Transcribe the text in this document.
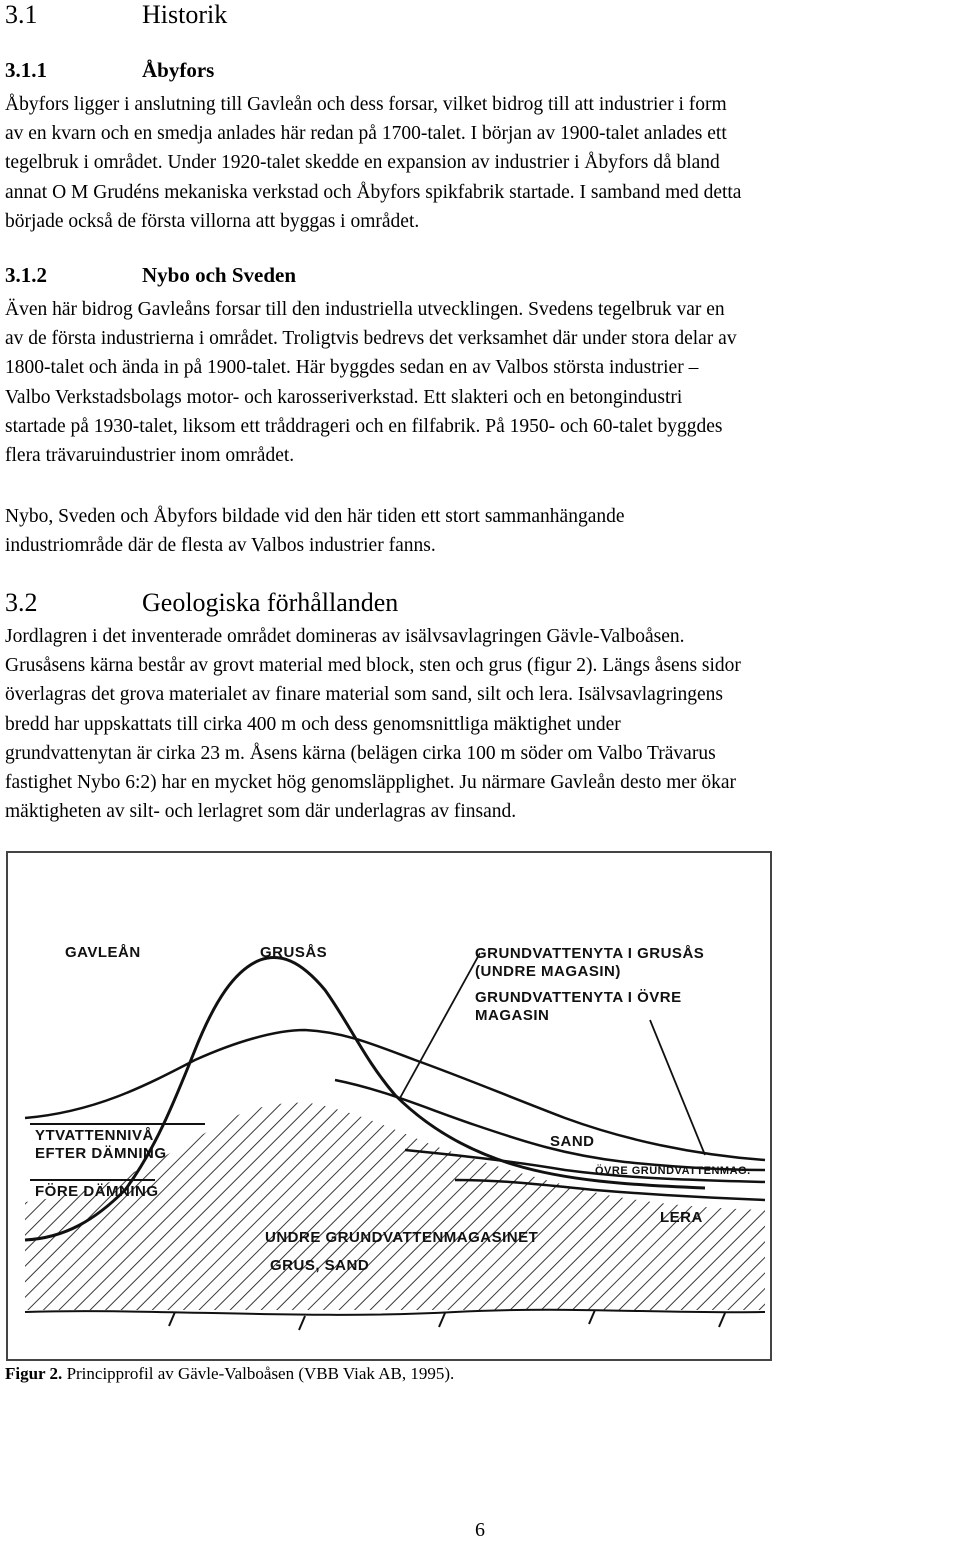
3.1	Historik
3.1.1	Åbyfors
Åbyfors ligger i anslutning till Gavleån och dess forsar, vilket bidrog till att industrier i form
av en kvarn och en smedja anlades här redan på 1700-talet. I början av 1900-talet anlades ett
tegelbruk i området. Under 1920-talet skedde en expansion av industrier i Åbyfors då bland
annat O M Grudéns mekaniska verkstad och Åbyfors spikfabrik startade. I samband med detta
började också de första villorna att byggas i området.
3.1.2	Nybo och Sveden
Även här bidrog Gavleåns forsar till den industriella utvecklingen. Svedens tegelbruk var en
av de första industrierna i området. Troligtvis bedrevs det verksamhet där under stora delar av
1800-talet och ända in på 1900-talet. Här byggdes sedan en av Valbos största industrier –
Valbo Verkstadsbolags motor- och karosseriverkstad. Ett slakteri och en betongindustri
startade på 1930-talet, liksom ett tråddrageri och en filfabrik. På 1950- och 60-talet byggdes
flera trävaruindustrier inom området.
Nybo, Sveden och Åbyfors bildade vid den här tiden ett stort sammanhängande
industriområde där de flesta av Valbos industrier fanns.
3.2	Geologiska förhållanden
Jordlagren i det inventerade området domineras av isälvsavlagringen Gävle-Valboåsen.
Grusåsens kärna består av grovt material med block, sten och grus (figur 2). Längs åsens sidor
överlagras det grova materialet av finare material som sand, silt och lera. Isälvsavlagringens
bredd har uppskattats till cirka 400 m och dess genomsnittliga mäktighet under
grundvattenytan är cirka 23 m. Åsens kärna (belägen cirka 100 m söder om Valbo Trävarus
fastighet Nybo 6:2) har en mycket hög genomsläpplighet. Ju närmare Gavleån desto mer ökar
mäktigheten av silt- och lerlagret som där underlagras av finsand.
GAVLEÅN	GRUSÅS	GRUNDVATTENYTA I GRUSÅS
(UNDRE MAGASIN)
GRUNDVATTENYTA I ÖVRE
MAGASIN
YTVATTENNIVÅ
EFTER DÄMNING
FÖRE DÄMNING
SAND
ÖVRE GRUNDVATTENMAG.
LERA
UNDRE GRUNDVATTENMAGASINET
GRUS, SAND
Figur 2. Principprofil av Gävle-Valboåsen (VBB Viak AB, 1995).
6
